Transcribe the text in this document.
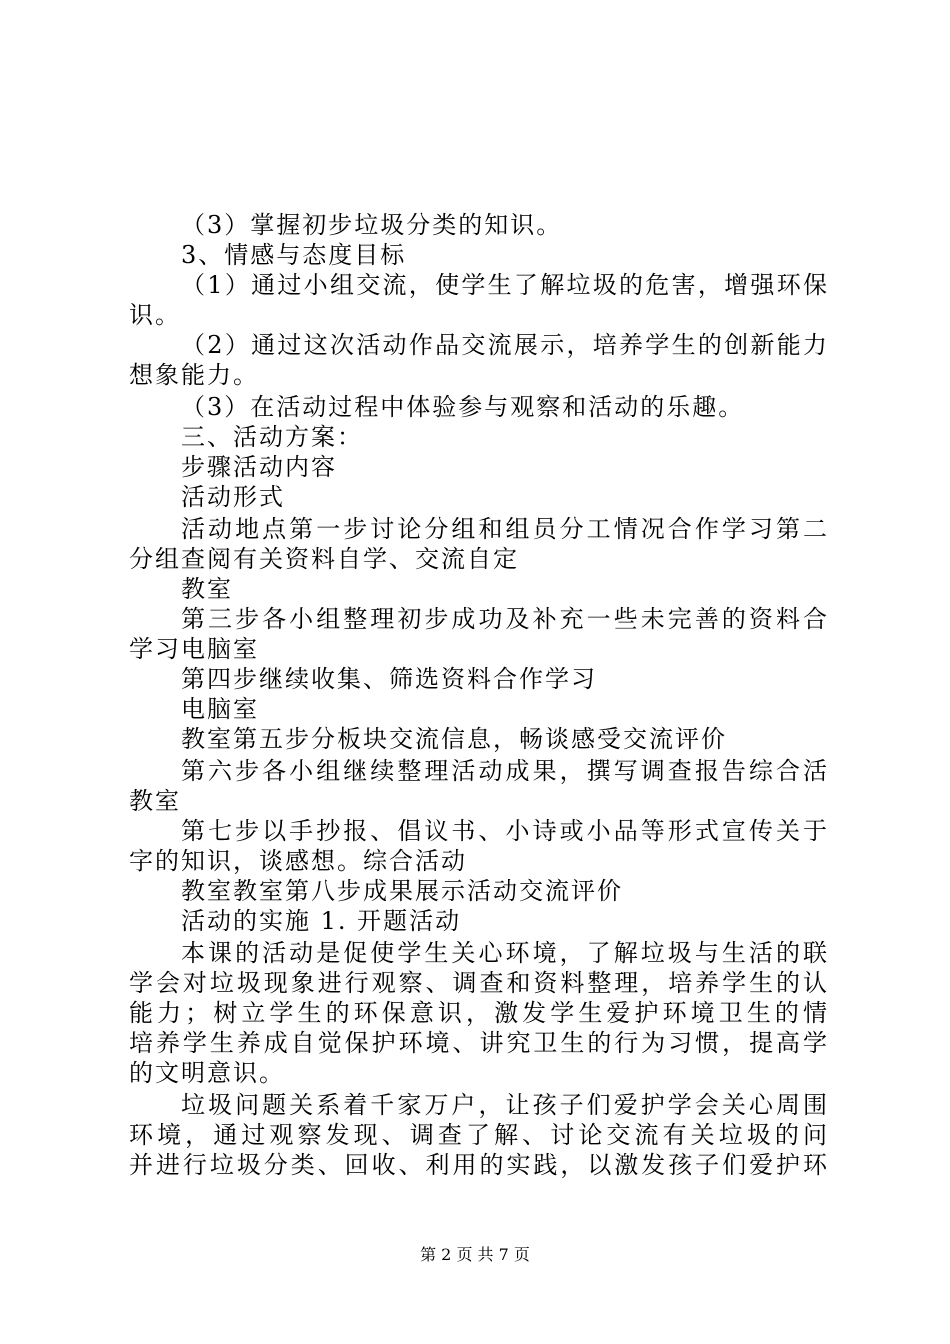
（3）掌握初步垃圾分类的知识。
3、情感与态度目标
（1）通过小组交流，使学生了解垃圾的危害，增强环保
识。
（2）通过这次活动作品交流展示，培养学生的创新能力
想象能力。
（3）在活动过程中体验参与观察和活动的乐趣。
三、活动方案：
步骤活动内容
活动形式
活动地点第一步讨论分组和组员分工情况合作学习第二
分组查阅有关资料自学、交流自定
教室
第三步各小组整理初步成功及补充一些未完善的资料合
学习电脑室
第四步继续收集、筛选资料合作学习
电脑室
教室第五步分板块交流信息，畅谈感受交流评价
第六步各小组继续整理活动成果，撰写调查报告综合活
教室
第七步以手抄报、倡议书、小诗或小品等形式宣传关于
字的知识，谈感想。综合活动
教室教室第八步成果展示活动交流评价
活动的实施 1. 开题活动
本课的活动是促使学生关心环境，了解垃圾与生活的联
学会对垃圾现象进行观察、调查和资料整理，培养学生的认
能力；树立学生的环保意识，激发学生爱护环境卫生的情
培养学生养成自觉保护环境、讲究卫生的行为习惯，提高学
的文明意识。
垃圾问题关系着千家万户，让孩子们爱护学会关心周围
环境，通过观察发现、调查了解、讨论交流有关垃圾的问
并进行垃圾分类、回收、利用的实践，以激发孩子们爱护环
第 2 页 共 7 页
